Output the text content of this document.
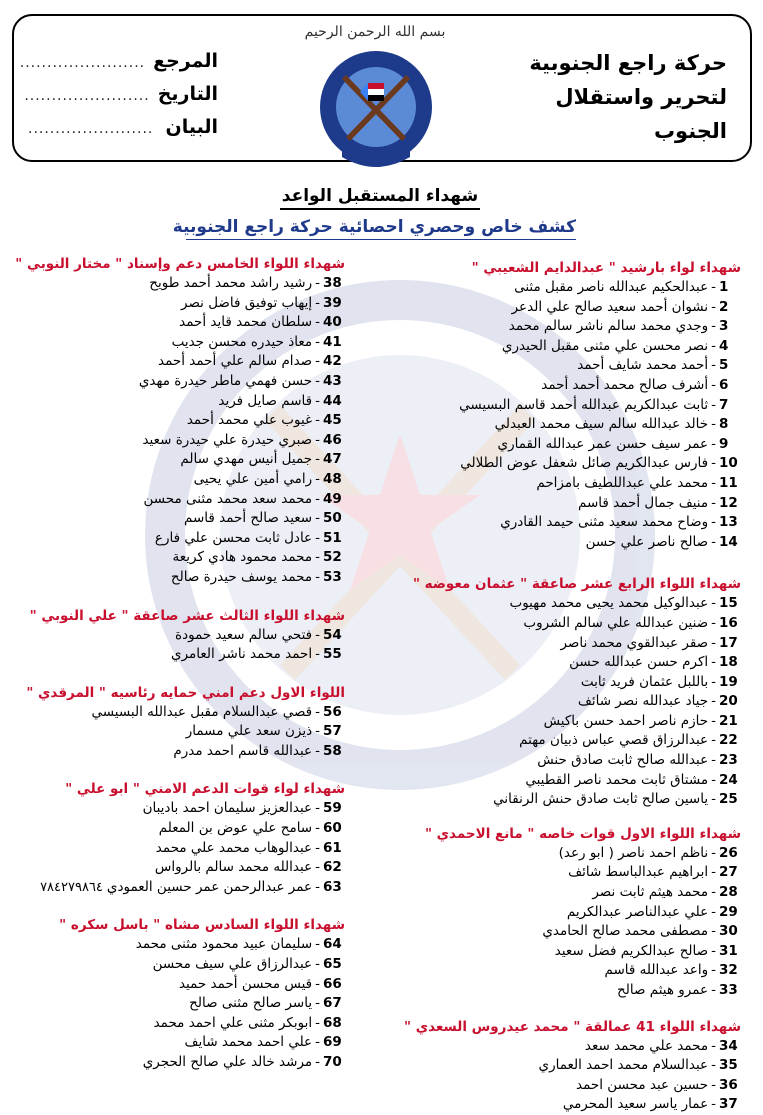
بسم الله الرحمن الرحيم
حركة راجع الجنوبية
لتحرير واستقلال
الجنوب
المرجع
.......................
التاريخ
.......................
البيان
.......................
شهداء المستقبل الواعد
كشف خاص وحصري احصائية حركة راجع الجنوبية
شهداء لواء بارشيد " عبدالدايم الشعيبي "
1-عبدالحكيم عبدالله ناصر مقبل مثنى
2-نشوان أحمد سعيد صالح علي الدعر
3-وجدي محمد سالم ناشر سالم محمد
4-نصر محسن علي مثنى مقبل الحيدري
5-أحمد محمد شايف أحمد
6-أشرف صالح محمد أحمد أحمد
7-ثابت عبدالكريم عبدالله أحمد قاسم البسيسي
8-خالد عبدالله سالم سيف محمد العبدلي
9-عمر سيف حسن عمر عبدالله القماري
10-فارس عبدالكريم صائل شعفل عوض الطلالي
11-محمد علي عبداللطيف بامزاحم
12-منيف جمال أحمد قاسم
13-وضاح محمد سعيد مثنى حيمد القادري
14-صالح ناصر علي حسن
شهداء اللواء الرابع عشر صاعقة " عثمان معوضه "
15-عبدالوكيل محمد يحيى محمد مهيوب
16-ضنين عبدالله علي سالم الشروب
17-صقر عبدالقوي محمد ناصر
18-اكرم حسن عبدالله حسن
19-باللبل عثمان فريد ثابت
20-جياد عبدالله نصر شائف
21-حازم ناصر احمد حسن باكيش
22-عبدالرزاق قصي عباس ذبيان مهتم
23-عبدالله صالح ثابت صادق حنش
24-مشتاق ثابت محمد ناصر القطيبي
25-ياسين صالح ثابت صادق حنش الرنقاني
شهداء اللواء الاول قوات خاصه " مانع الاحمدي "
26-ناظم احمد ناصر ( ابو رعد)
27-ابراهيم عبدالباسط شائف
28-محمد هيثم ثابت نصر
29-علي عبدالناصر عبدالكريم
30-مصطفى محمد صالح الحامدي
31-صالح عبدالكريم فضل سعيد
32-واعد عبدالله قاسم
33-عمرو هيثم صالح
شهداء اللواء 41 عمالقة " محمد عيدروس السعدي "
34-محمد علي محمد سعد
35-عبدالسلام محمد احمد العماري
36-حسين عبد محسن احمد
37-عمار ياسر سعيد المحرمي
شهداء اللواء الخامس دعم وإسناد " مختار النوبي "
38-رشيد راشد محمد أحمد طويح
39-إيهاب توفيق فاضل نصر
40-سلطان محمد قايد أحمد
41-معاذ حيدره محسن جديب
42-صدام سالم علي أحمد أحمد
43-حسن فهمي ماطر حيدرة مهدي
44-قاسم صايل فريد
45-غيوب علي محمد أحمد
46-صبري حيدرة علي حيدرة سعيد
47-جميل أنيس مهدي سالم
48-رامي أمين علي يحيى
49-محمد سعد محمد مثنى محسن
50-سعيد صالح أحمد قاسم
51-عادل ثابت محسن علي فارع
52-محمد محمود هادي كريعة
53-محمد يوسف حيدرة صالح
شهداء اللواء الثالث عشر صاعقة " علي النوبي "
54-فتحي سالم سعيد حمودة
55-احمد محمد ناشر العامري
اللواء الاول دعم امني حمايه رئاسيه " المرقدي "
56-قصي عبدالسلام مقبل عبدالله البسيسي
57-ذيزن سعد علي مسمار
58-عبدالله قاسم احمد مدرم
شهداء لواء قوات الدعم الامني " ابو علي "
59-عبدالعزيز سليمان احمد باديبان
60-سامح علي عوض بن المعلم
61-عبدالوهاب محمد علي محمد
62-عبدالله محمد سالم بالرواس
63-عمر عبدالرحمن عمر حسين العمودي٧٨٤٢٧٩٨٦٤
شهداء اللواء السادس مشاه " باسل سكره "
64-سليمان عبيد محمود مثنى محمد
65-عبدالرزاق علي سيف محسن
66-قيس محسن أحمد حميد
67-ياسر صالح مثنى صالح
68-ابوبكر مثنى علي احمد محمد
69-علي احمد محمد شايف
70-مرشد خالد علي صالح الحجري
